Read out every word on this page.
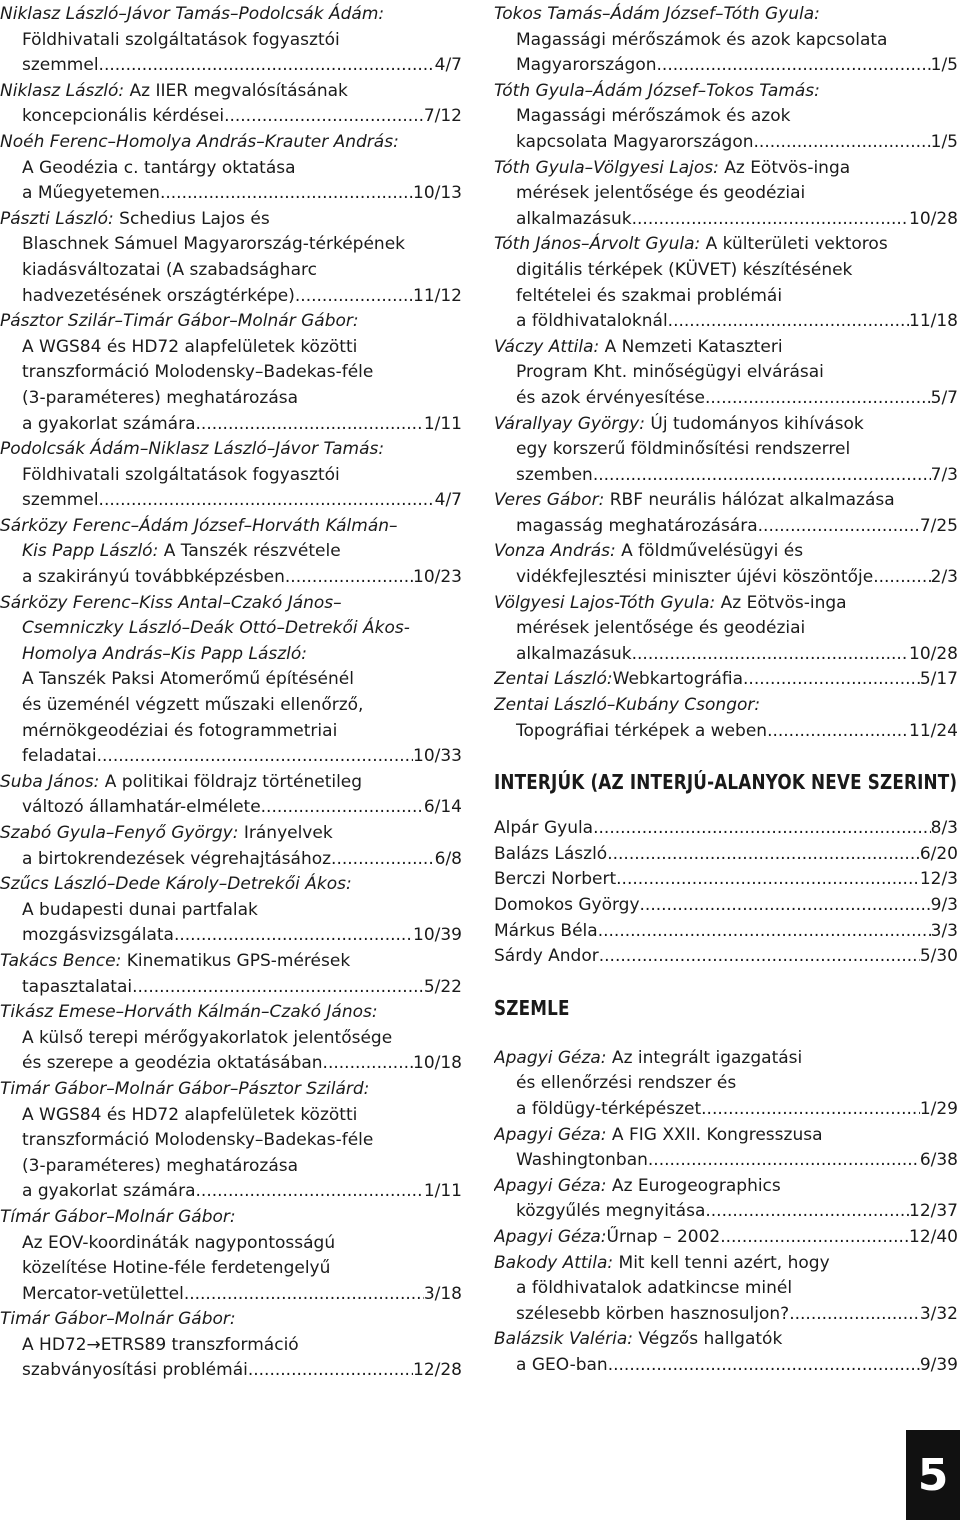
Niklasz László–Jávor Tamás–Podolcsák Ádám:
Földhivatali szolgáltatások fogyasztói
szemmel .....	4/7
Niklasz László: Az IIER megvalósításának
koncepcionális kérdései .....	7/12
Noéh Ferenc–Homolya András–Krauter András:
A Geodézia c. tantárgy oktatása
a Műegyetemen .....	10/13
Pászti László: Schedius Lajos és
Blaschnek Sámuel Magyarország-térképének
kiadásváltozatai (A szabadságharc
hadvezetésének országtérképe) .....	11/12
Pásztor Szilár–Timár Gábor–Molnár Gábor:
A WGS84 és HD72 alapfelületek közötti
transzformáció Molodensky–Badekas-féle
(3-paraméteres) meghatározása
a gyakorlat számára .....	1/11
Podolcsák Ádám–Niklasz László–Jávor Tamás:
Földhivatali szolgáltatások fogyasztói
szemmel .....	4/7
Sárközy Ferenc–Ádám József–Horváth Kálmán–
Kis Papp László: A Tanszék részvétele
a szakirányú továbbképzésben .....	10/23
Sárközy Ferenc–Kiss Antal–Czakó János–
Csemniczky László–Deák Ottó–Detrekői Ákos-
Homolya András–Kis Papp László:
A Tanszék Paksi Atomerőmű építésénél
és üzeménél végzett műszaki ellenőrző,
mérnökgeodéziai és fotogrammetriai
feladatai .....	10/33
Suba János: A politikai földrajz történetileg
változó államhatár-elmélete .....	6/14
Szabó Gyula–Fenyő György: Irányelvek
a birtokrendezések végrehajtásához .....	6/8
Szűcs László–Dede Károly–Detrekői Ákos:
A budapesti dunai partfalak
mozgásvizsgálata .....	10/39
Takács Bence: Kinematikus GPS-mérések
tapasztalatai .....	5/22
Tikász Emese–Horváth Kálmán–Czakó János:
A külső terepi mérőgyakorlatok jelentősége
és szerepe a geodézia oktatásában .....	10/18
Timár Gábor–Molnár Gábor–Pásztor Szilárd:
A WGS84 és HD72 alapfelületek közötti
transzformáció Molodensky–Badekas-féle
(3-paraméteres) meghatározása
a gyakorlat számára .....	1/11
Tímár Gábor–Molnár Gábor:
Az EOV-koordináták nagypontosságú
közelítése Hotine-féle ferdetengelyű
Mercator-vetülettel .....	3/18
Timár Gábor–Molnár Gábor:
A HD72→ETRS89 transzformáció
szabványosítási problémái .....	12/28
Tokos Tamás–Ádám József–Tóth Gyula:
Magassági mérőszámok és azok kapcsolata
Magyarországon .....	1/5
Tóth Gyula–Ádám József–Tokos Tamás:
Magassági mérőszámok és azok
kapcsolata Magyarországon .....	1/5
Tóth Gyula–Völgyesi Lajos: Az Eötvös-inga
mérések jelentősége és geodéziai
alkalmazásuk .....	10/28
Tóth János–Árvolt Gyula: A külterületi vektoros
digitális térképek (KÜVET) készítésének
feltételei és szakmai problémái
a földhivataloknál .....	11/18
Váczy Attila: A Nemzeti Kataszteri
Program Kht. minőségügyi elvárásai
és azok érvényesítése .....	5/7
Várallyay György: Új tudományos kihívások
egy korszerű földminősítési rendszerrel
szemben .....	7/3
Veres Gábor: RBF neurális hálózat alkalmazása
magasság meghatározására .....	7/25
Vonza András: A földművelésügyi és
vidékfejlesztési miniszter újévi köszöntője .....	2/3
Völgyesi Lajos-Tóth Gyula: Az Eötvös-inga
mérések jelentősége és geodéziai
alkalmazásuk .....	10/28
Zentai László: Webkartográfia .....	5/17
Zentai László–Kubány Csongor:
Topográfiai térképek a weben .....	11/24
INTERJÚK (AZ INTERJÚ-ALANYOK NEVE SZERINT)
Alpár Gyula .....	8/3
Balázs László .....	6/20
Berczi Norbert .....	12/3
Domokos György .....	9/3
Márkus Béla .....	3/3
Sárdy Andor .....	5/30
SZEMLE
Apagyi Géza: Az integrált igazgatási
és ellenőrzési rendszer és
a földügy-térképészet .....	1/29
Apagyi Géza: A FIG XXII. Kongresszusa
Washingtonban .....	6/38
Apagyi Géza: Az Eurogeographics
közgyűlés megnyitása .....	12/37
Apagyi Géza: Űrnap – 2002 .....	12/40
Bakody Attila: Mit kell tenni azért, hogy
a földhivatalok adatkincse minél
szélesebb körben hasznosuljon? .....	3/32
Balázsik Valéria: Végzős hallgatók
a GEO-ban .....	9/39
5
